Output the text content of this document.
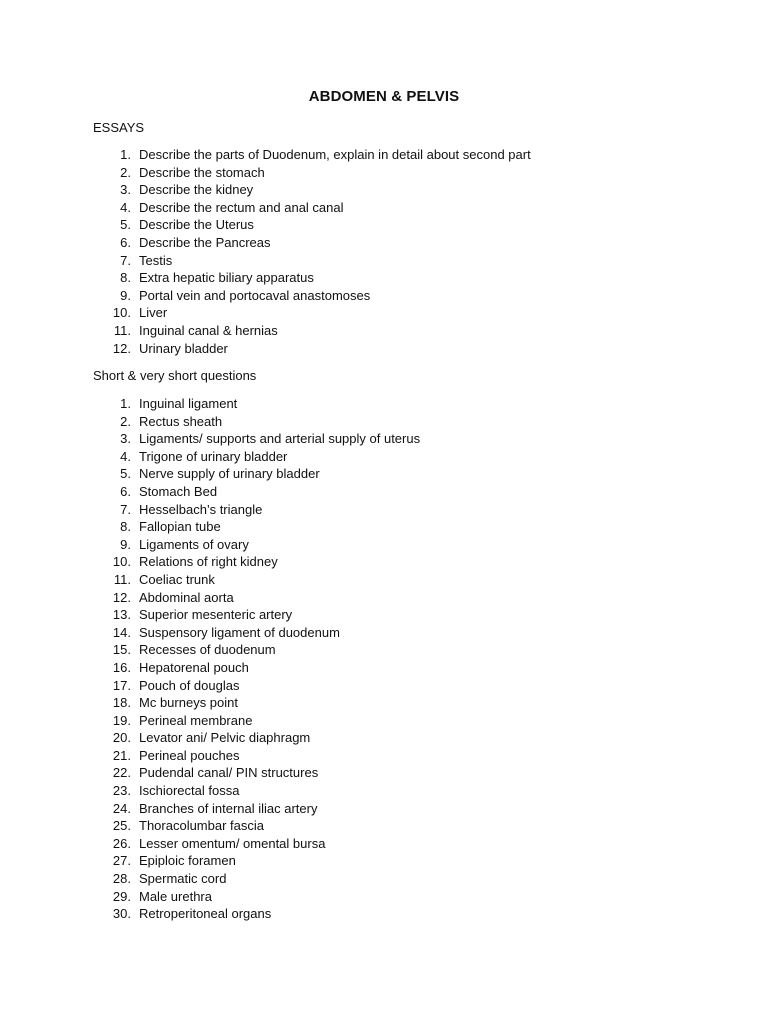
ABDOMEN & PELVIS
ESSAYS
1. Describe the parts of Duodenum, explain in detail about second part
2. Describe the stomach
3. Describe the kidney
4. Describe the rectum and anal canal
5. Describe the Uterus
6. Describe the Pancreas
7. Testis
8. Extra hepatic biliary apparatus
9. Portal vein and portocaval anastomoses
10. Liver
11. Inguinal canal & hernias
12. Urinary bladder
Short & very short questions
1. Inguinal ligament
2. Rectus sheath
3. Ligaments/ supports and arterial supply of uterus
4. Trigone of urinary bladder
5. Nerve supply of urinary bladder
6. Stomach Bed
7. Hesselbach’s triangle
8. Fallopian tube
9. Ligaments of ovary
10. Relations of right kidney
11. Coeliac trunk
12. Abdominal aorta
13. Superior mesenteric artery
14. Suspensory ligament of duodenum
15. Recesses of duodenum
16. Hepatorenal pouch
17. Pouch of douglas
18. Mc burneys point
19. Perineal membrane
20. Levator ani/ Pelvic diaphragm
21. Perineal pouches
22. Pudendal canal/ PIN structures
23. Ischiorectal fossa
24. Branches of internal iliac artery
25. Thoracolumbar fascia
26. Lesser omentum/ omental bursa
27. Epiploic foramen
28. Spermatic cord
29. Male urethra
30. Retroperitoneal organs
